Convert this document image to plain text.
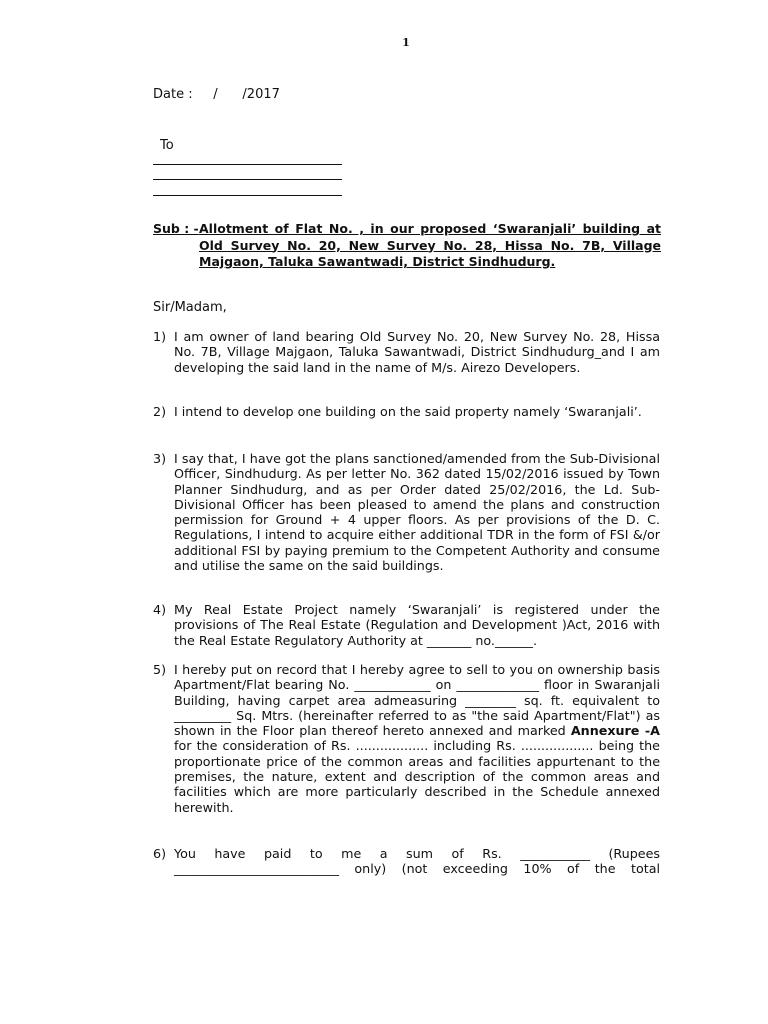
1
Date :     /      /2017
To
Sub : - Allotment of Flat No. , in our proposed ‘Swaranjali’ building at Old Survey No. 20, New Survey No. 28, Hissa No. 7B, Village Majgaon, Taluka Sawantwadi, District Sindhudurg.
Sir/Madam,
1) I am owner of land bearing Old Survey No. 20, New Survey No. 28, Hissa No. 7B, Village Majgaon, Taluka Sawantwadi, District Sindhudurg_and I am developing the said land in the name of M/s. Airezo Developers.
2) I intend to develop one building on the said property namely ‘Swaranjali’.
3) I say that, I have got the plans sanctioned/amended from the Sub-Divisional Officer, Sindhudurg. As per letter No. 362 dated 15/02/2016 issued by Town Planner Sindhudurg, and as per Order dated 25/02/2016, the Ld. Sub-Divisional Officer has been pleased to amend the plans and construction permission for Ground + 4 upper floors. As per provisions of the D. C. Regulations, I intend to acquire either additional TDR in the form of FSI &/or additional FSI by paying premium to the Competent Authority and consume and utilise the same on the said buildings.
4) My Real Estate Project namely ‘Swaranjali’ is registered under the provisions of The Real Estate (Regulation and Development )Act, 2016 with the Real Estate Regulatory Authority at _______ no.______.
5) I hereby put on record that I hereby agree to sell to you on ownership basis Apartment/Flat bearing No. ____________ on _____________ floor in Swaranjali Building, having carpet area admeasuring ________ sq. ft. equivalent to _________ Sq. Mtrs. (hereinafter referred to as "the said Apartment/Flat") as shown in the Floor plan thereof hereto annexed and marked Annexure -A for the consideration of Rs. .................. including Rs. .................. being the proportionate price of the common areas and facilities appurtenant to the premises, the nature, extent and description of the common areas and facilities which are more particularly described in the Schedule annexed herewith.
6) You have paid to me a sum of Rs. ___________ (Rupees __________________________ only) (not exceeding 10% of the total
